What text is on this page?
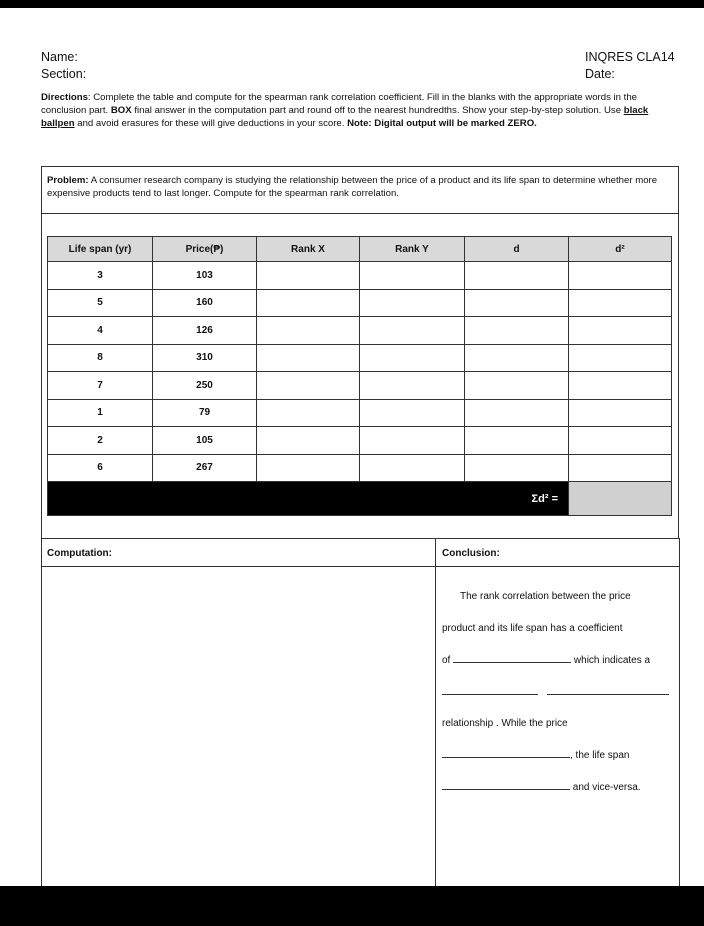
Name:
Section:
INQRES CLA14
Date:
Directions: Complete the table and compute for the spearman rank correlation coefficient. Fill in the blanks with the appropriate words in the conclusion part. BOX final answer in the computation part and round off to the nearest hundredths. Show your step-by-step solution. Use black ballpen and avoid erasures for these will give deductions in your score. Note: Digital output will be marked ZERO.
Problem: A consumer research company is studying the relationship between the price of a product and its life span to determine whether more expensive products tend to last longer. Compute for the spearman rank correlation.
Life span (yr)	Price(₱)	Rank X	Rank Y	d	d²
3	103				
5	160				
4	126				
8	310				
7	250				
1	79				
2	105				
6	267				
Σd² =					
Computation:	Conclusion:
The rank correlation between the price
product and its life span has a coefficient
of	which indicates a

relationship . While the price
, the life span
and vice-versa.
